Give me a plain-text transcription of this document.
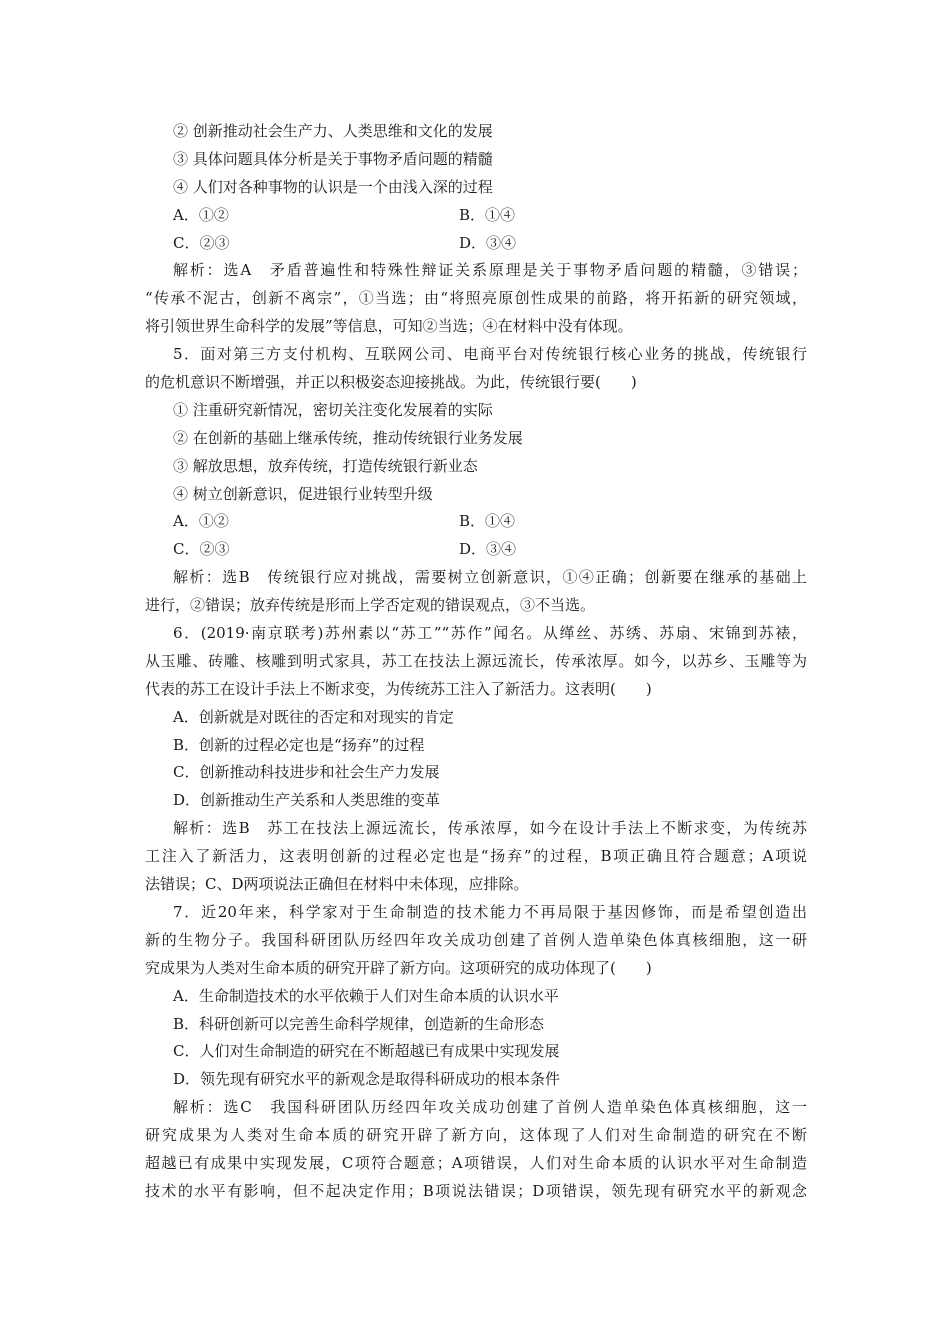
② 创新推动社会生产力、人类思维和文化的发展
③ 具体问题具体分析是关于事物矛盾问题的精髓
④ 人们对各种事物的认识是一个由浅入深的过程
A．①②	B．①④
C．②③	D．③④
解析：选A　矛盾普遍性和特殊性辩证关系原理是关于事物矛盾问题的精髓，③错误；
“传承不泥古，创新不离宗”，①当选；由“将照亮原创性成果的前路，将开拓新的研究领域，
将引领世界生命科学的发展”等信息，可知②当选；④在材料中没有体现。
5．面对第三方支付机构、互联网公司、电商平台对传统银行核心业务的挑战，传统银行
的危机意识不断增强，并正以积极姿态迎接挑战。为此，传统银行要(　　)
① 注重研究新情况，密切关注变化发展着的实际
② 在创新的基础上继承传统，推动传统银行业务发展
③ 解放思想，放弃传统，打造传统银行新业态
④ 树立创新意识，促进银行业转型升级
A．①②	B．①④
C．②③	D．③④
解析：选B　传统银行应对挑战，需要树立创新意识，①④正确；创新要在继承的基础上
进行，②错误；放弃传统是形而上学否定观的错误观点，③不当选。
6．(2019·南京联考)苏州素以“苏工”“苏作”闻名。从缂丝、苏绣、苏扇、宋锦到苏裱，
从玉雕、砖雕、核雕到明式家具，苏工在技法上源远流长，传承浓厚。如今，以苏乡、玉雕等为
代表的苏工在设计手法上不断求变，为传统苏工注入了新活力。这表明(　　)
A．创新就是对既往的否定和对现实的肯定
B．创新的过程必定也是“扬弃”的过程
C．创新推动科技进步和社会生产力发展
D．创新推动生产关系和人类思维的变革
解析：选B　苏工在技法上源远流长，传承浓厚，如今在设计手法上不断求变，为传统苏
工注入了新活力，这表明创新的过程必定也是“扬弃”的过程，B项正确且符合题意；A项说
法错误；C、D两项说法正确但在材料中未体现，应排除。
7．近20年来，科学家对于生命制造的技术能力不再局限于基因修饰，而是希望创造出
新的生物分子。我国科研团队历经四年攻关成功创建了首例人造单染色体真核细胞，这一研
究成果为人类对生命本质的研究开辟了新方向。这项研究的成功体现了(　　)
A．生命制造技术的水平依赖于人们对生命本质的认识水平
B．科研创新可以完善生命科学规律，创造新的生命形态
C．人们对生命制造的研究在不断超越已有成果中实现发展
D．领先现有研究水平的新观念是取得科研成功的根本条件
解析：选C　我国科研团队历经四年攻关成功创建了首例人造单染色体真核细胞，这一
研究成果为人类对生命本质的研究开辟了新方向，这体现了人们对生命制造的研究在不断
超越已有成果中实现发展，C项符合题意；A项错误，人们对生命本质的认识水平对生命制造
技术的水平有影响，但不起决定作用；B项说法错误；D项错误，领先现有研究水平的新观念
